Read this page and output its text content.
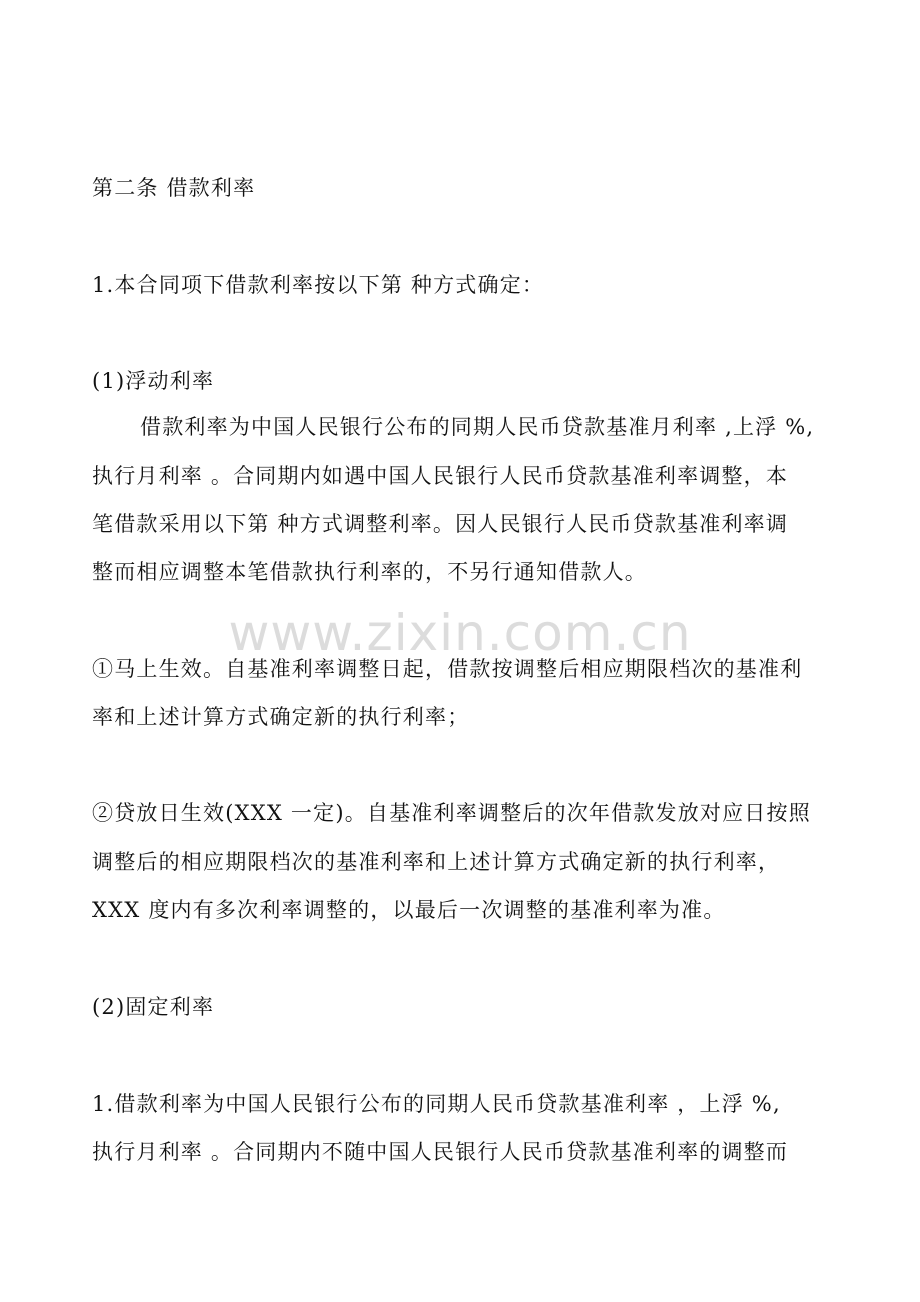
www.zixin.com.cn
第二条 借款利率
1.本合同项下借款利率按以下第 种方式确定：
(1)浮动利率
借款利率为中国人民银行公布的同期人民币贷款基准月利率 ,上浮 %,
执行月利率 。合同期内如遇中国人民银行人民币贷款基准利率调整，本
笔借款采用以下第 种方式调整利率。因人民银行人民币贷款基准利率调
整而相应调整本笔借款执行利率的，不另行通知借款人。
①马上生效。自基准利率调整日起，借款按调整后相应期限档次的基准利
率和上述计算方式确定新的执行利率；
②贷放日生效(XXX 一定)。自基准利率调整后的次年借款发放对应日按照
调整后的相应期限档次的基准利率和上述计算方式确定新的执行利率，
XXX 度内有多次利率调整的，以最后一次调整的基准利率为准。
(2)固定利率
1.借款利率为中国人民银行公布的同期人民币贷款基准利率 ，上浮 %,
执行月利率 。合同期内不随中国人民银行人民币贷款基准利率的调整而
